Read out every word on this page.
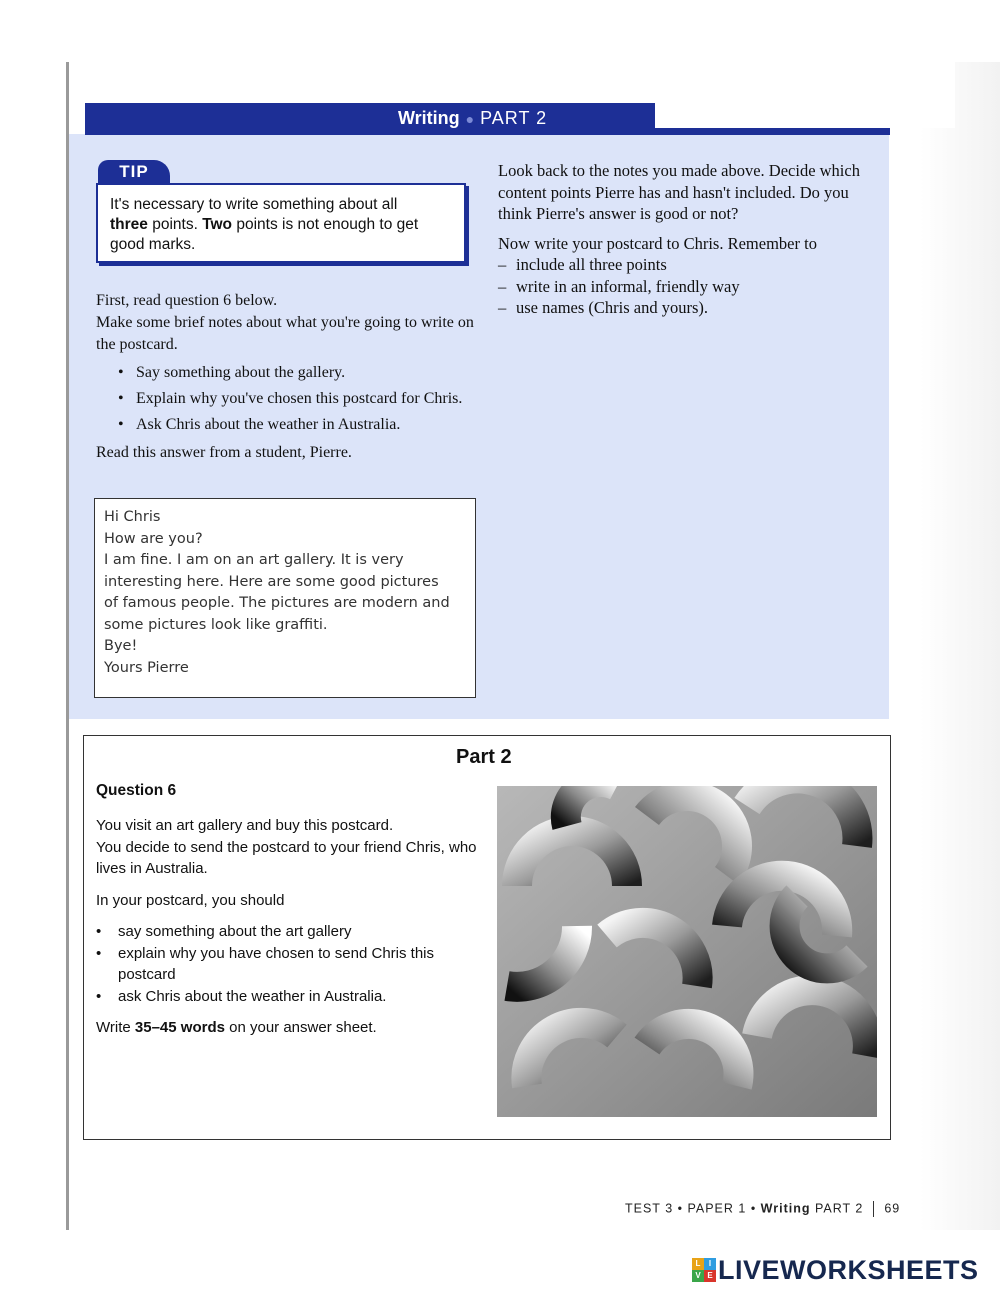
Writing ● PART 2
TIP
It's necessary to write something about all
three points. Two points is not enough to get
good marks.

First, read question 6 below.

Make some brief notes about what you're going to write on the postcard.

• Say something about the gallery.
• Explain why you've chosen this postcard for Chris.
• Ask Chris about the weather in Australia.

Read this answer from a student, Pierre.

Hi Chris
How are you?
I am fine. I am on an art gallery. It is very
interesting here. Here are some good pictures
of famous people. The pictures are modern and
some pictures look like graffiti.
Bye!
Yours Pierre

Look back to the notes you made above. Decide which content points Pierre has and hasn't included. Do you think Pierre's answer is good or not?

Now write your postcard to Chris. Remember to

– include all three points
– write in an informal, friendly way
– use names (Chris and yours).
Part 2
Question 6

You visit an art gallery and buy this postcard.
You decide to send the postcard to your friend Chris, who lives in Australia.

In your postcard, you should

• say something about the art gallery
• explain why you have chosen to send Chris this postcard
• ask Chris about the weather in Australia.

Write 35–45 words on your answer sheet.

TEST 3 • PAPER 1 • Writing PART 2 69
L	I
V E LIVEWORKSHEETS
